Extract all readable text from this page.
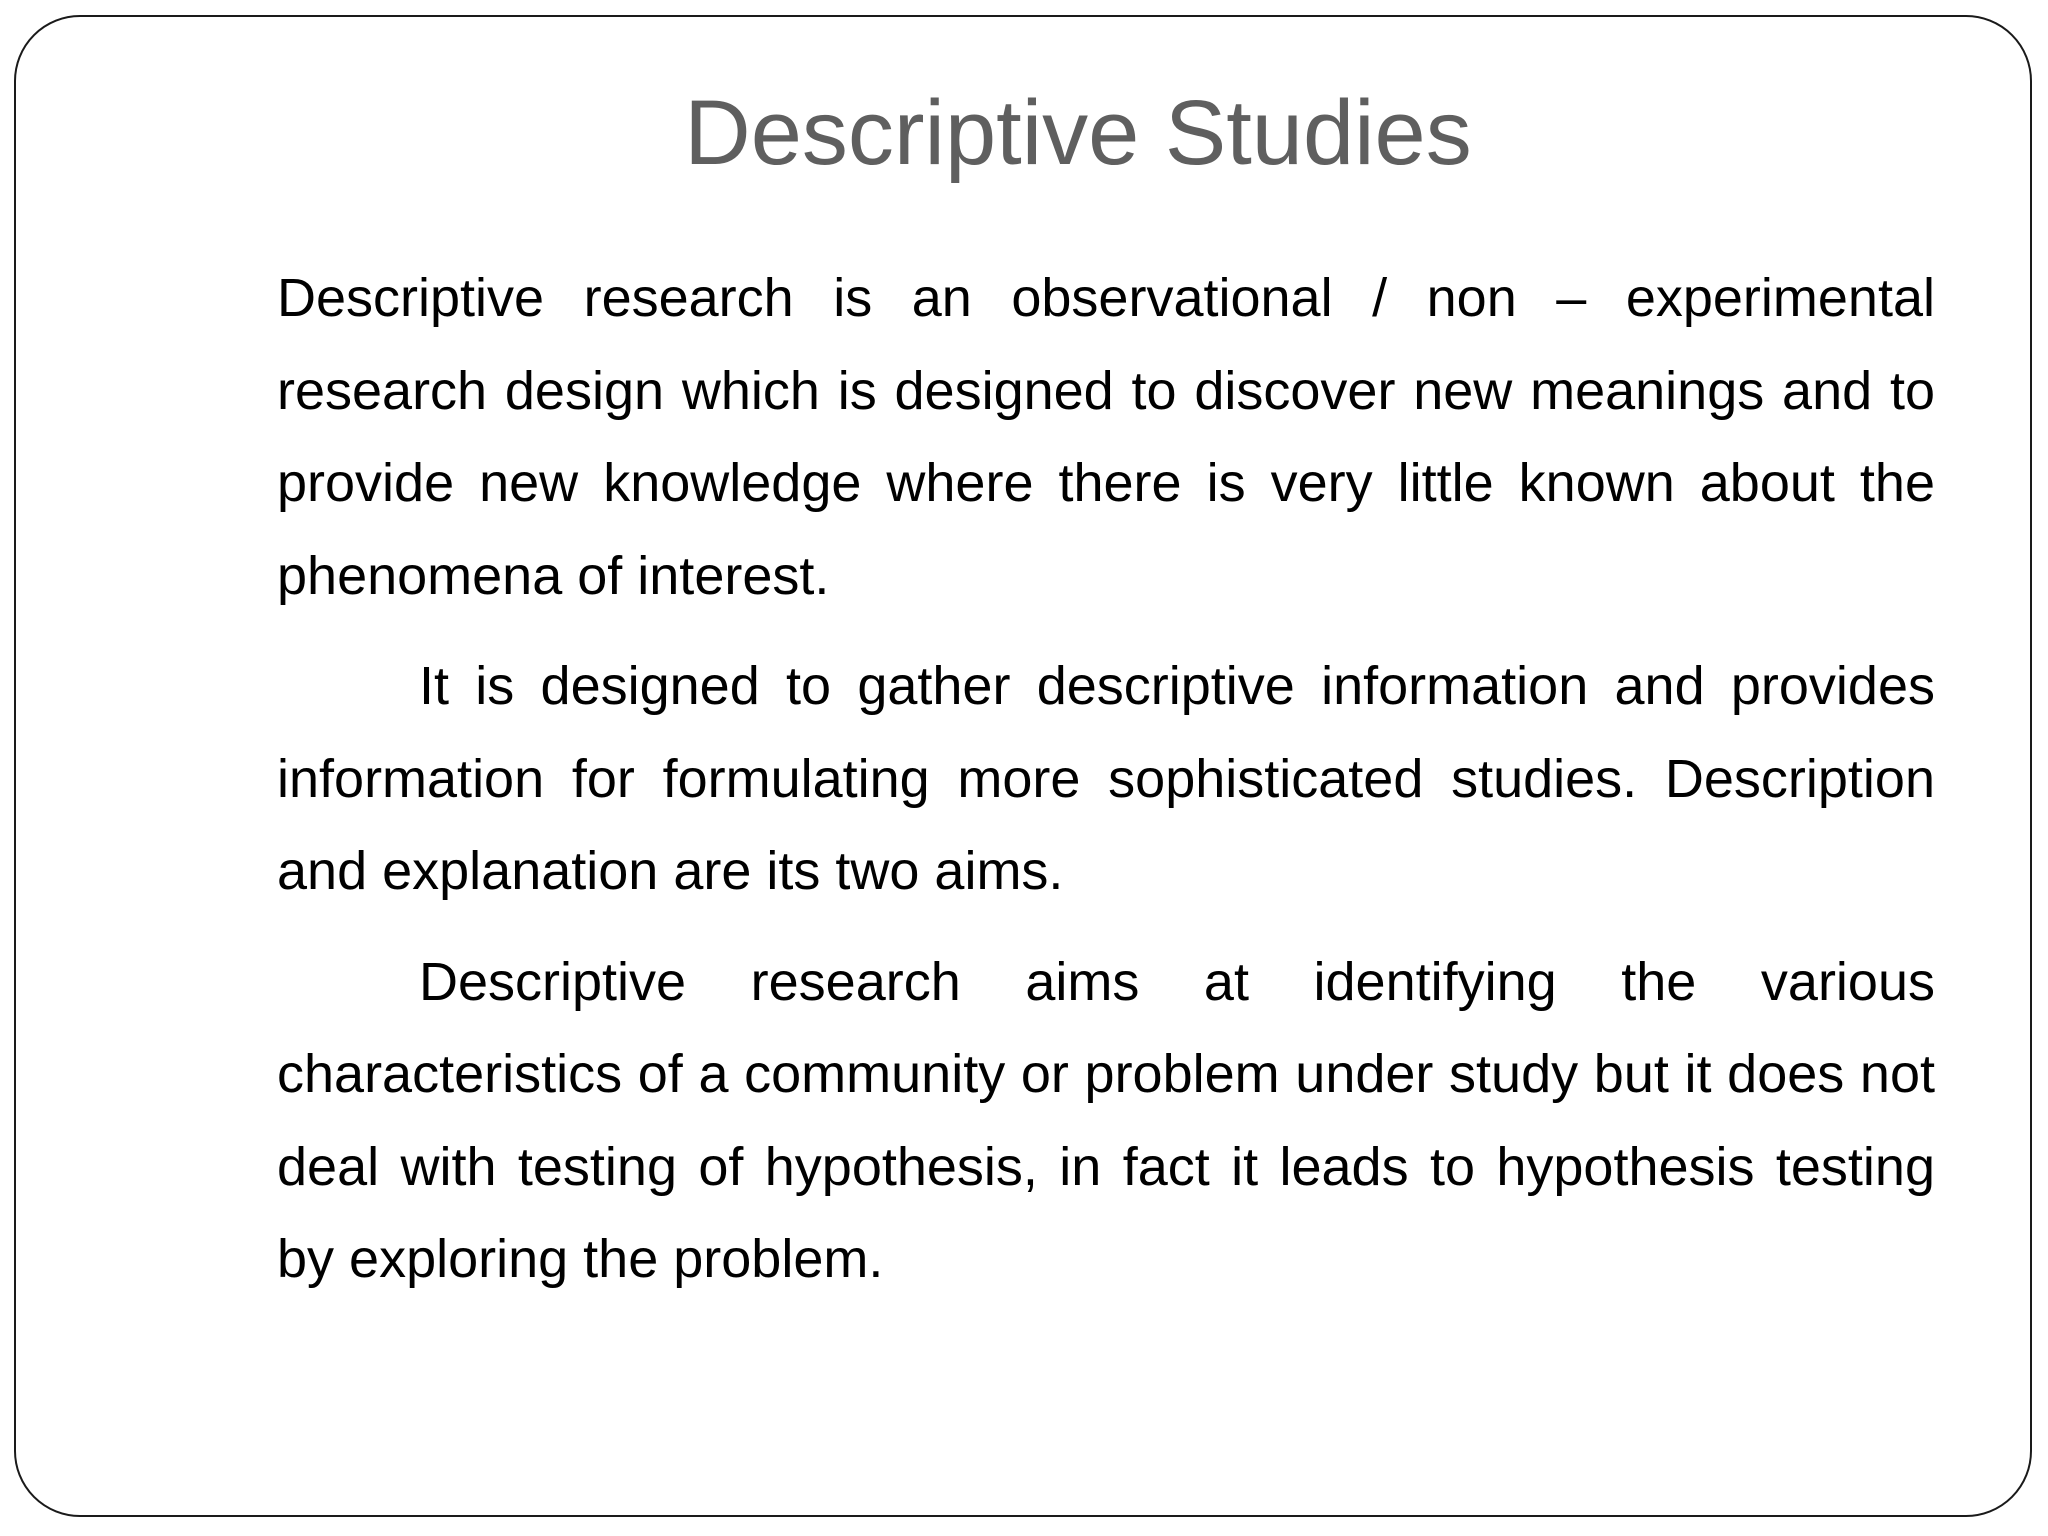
Descriptive Studies

Descriptive research is an observational / non – experimental research design which is designed to discover new meanings and to provide new knowledge where there is very little known about the phenomena of interest.

It is designed to gather descriptive information and provides information for formulating more sophisticated studies. Description and explanation are its two aims.

Descriptive research aims at identifying the various characteristics of a community or problem under study but it does not deal with testing of hypothesis, in fact it leads to hypothesis testing by exploring the problem.
